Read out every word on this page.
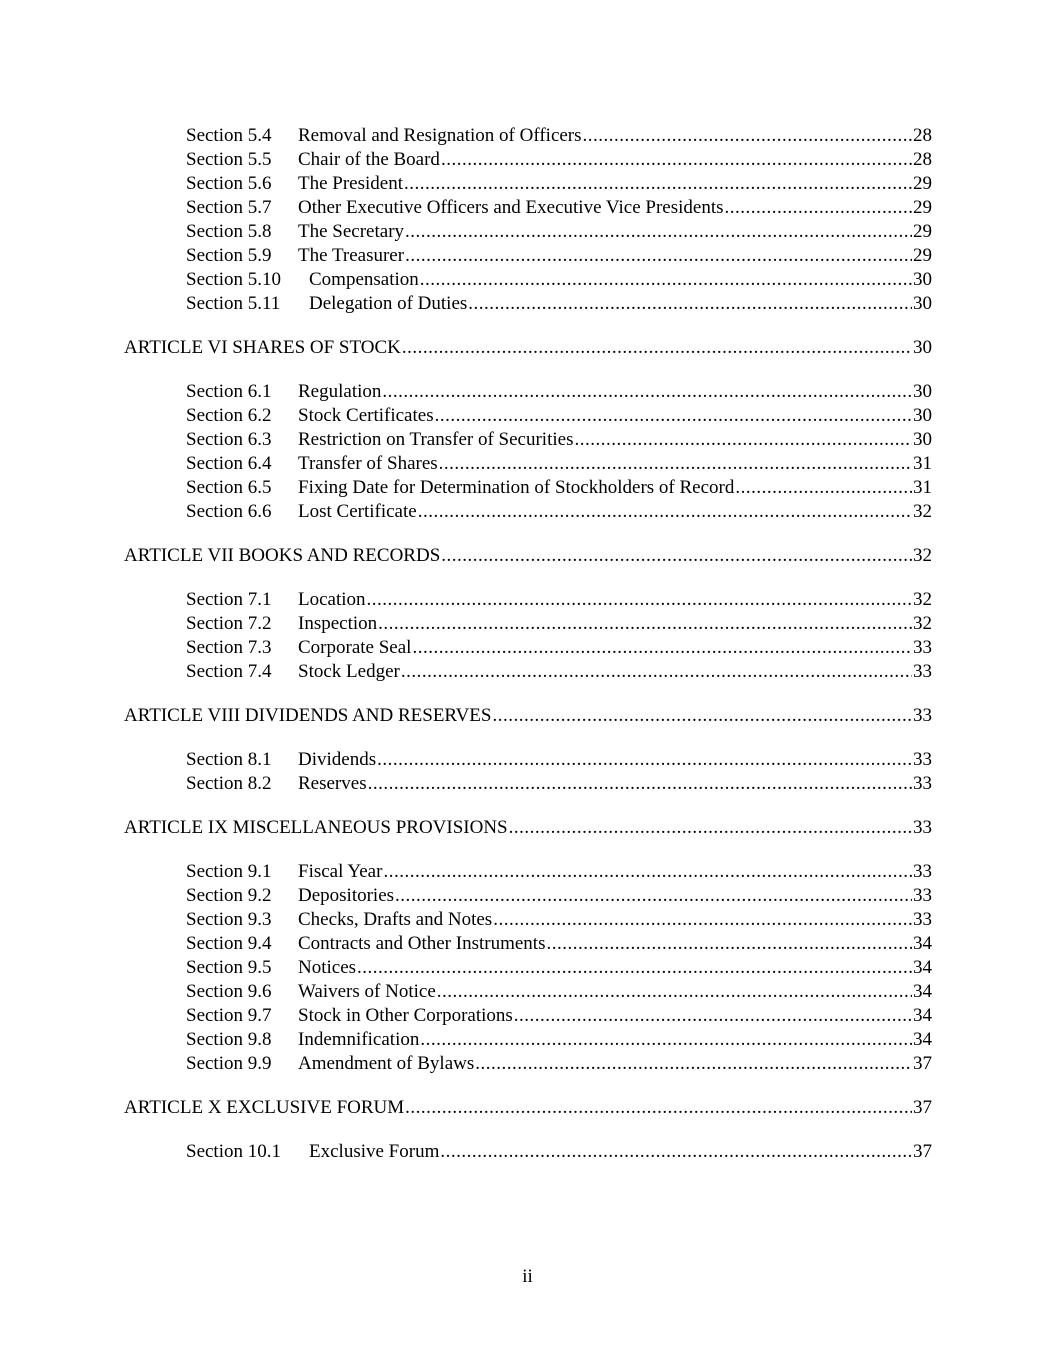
Section 5.4	Removal and Resignation of Officers .....	28
Section 5.5	Chair of the Board .....	28
Section 5.6	The President .....	29
Section 5.7	Other Executive Officers and Executive Vice Presidents .....	29
Section 5.8	The Secretary .....	29
Section 5.9	The Treasurer .....	29
Section 5.10	Compensation .....	30
Section 5.11	Delegation of Duties .....	30
ARTICLE VI SHARES OF STOCK .....	30
Section 6.1	Regulation .....	30
Section 6.2	Stock Certificates .....	30
Section 6.3	Restriction on Transfer of Securities .....	30
Section 6.4	Transfer of Shares .....	31
Section 6.5	Fixing Date for Determination of Stockholders of Record .....	31
Section 6.6	Lost Certificate .....	32
ARTICLE VII BOOKS AND RECORDS .....	32
Section 7.1	Location .....	32
Section 7.2	Inspection .....	32
Section 7.3	Corporate Seal .....	33
Section 7.4	Stock Ledger .....	33
ARTICLE VIII DIVIDENDS AND RESERVES .....	33
Section 8.1	Dividends .....	33
Section 8.2	Reserves .....	33
ARTICLE IX MISCELLANEOUS PROVISIONS .....	33
Section 9.1	Fiscal Year .....	33
Section 9.2	Depositories .....	33
Section 9.3	Checks, Drafts and Notes .....	33
Section 9.4	Contracts and Other Instruments .....	34
Section 9.5	Notices .....	34
Section 9.6	Waivers of Notice .....	34
Section 9.7	Stock in Other Corporations .....	34
Section 9.8	Indemnification .....	34
Section 9.9	Amendment of Bylaws .....	37
ARTICLE X EXCLUSIVE FORUM .....	37
Section 10.1	Exclusive Forum .....	37
ii
